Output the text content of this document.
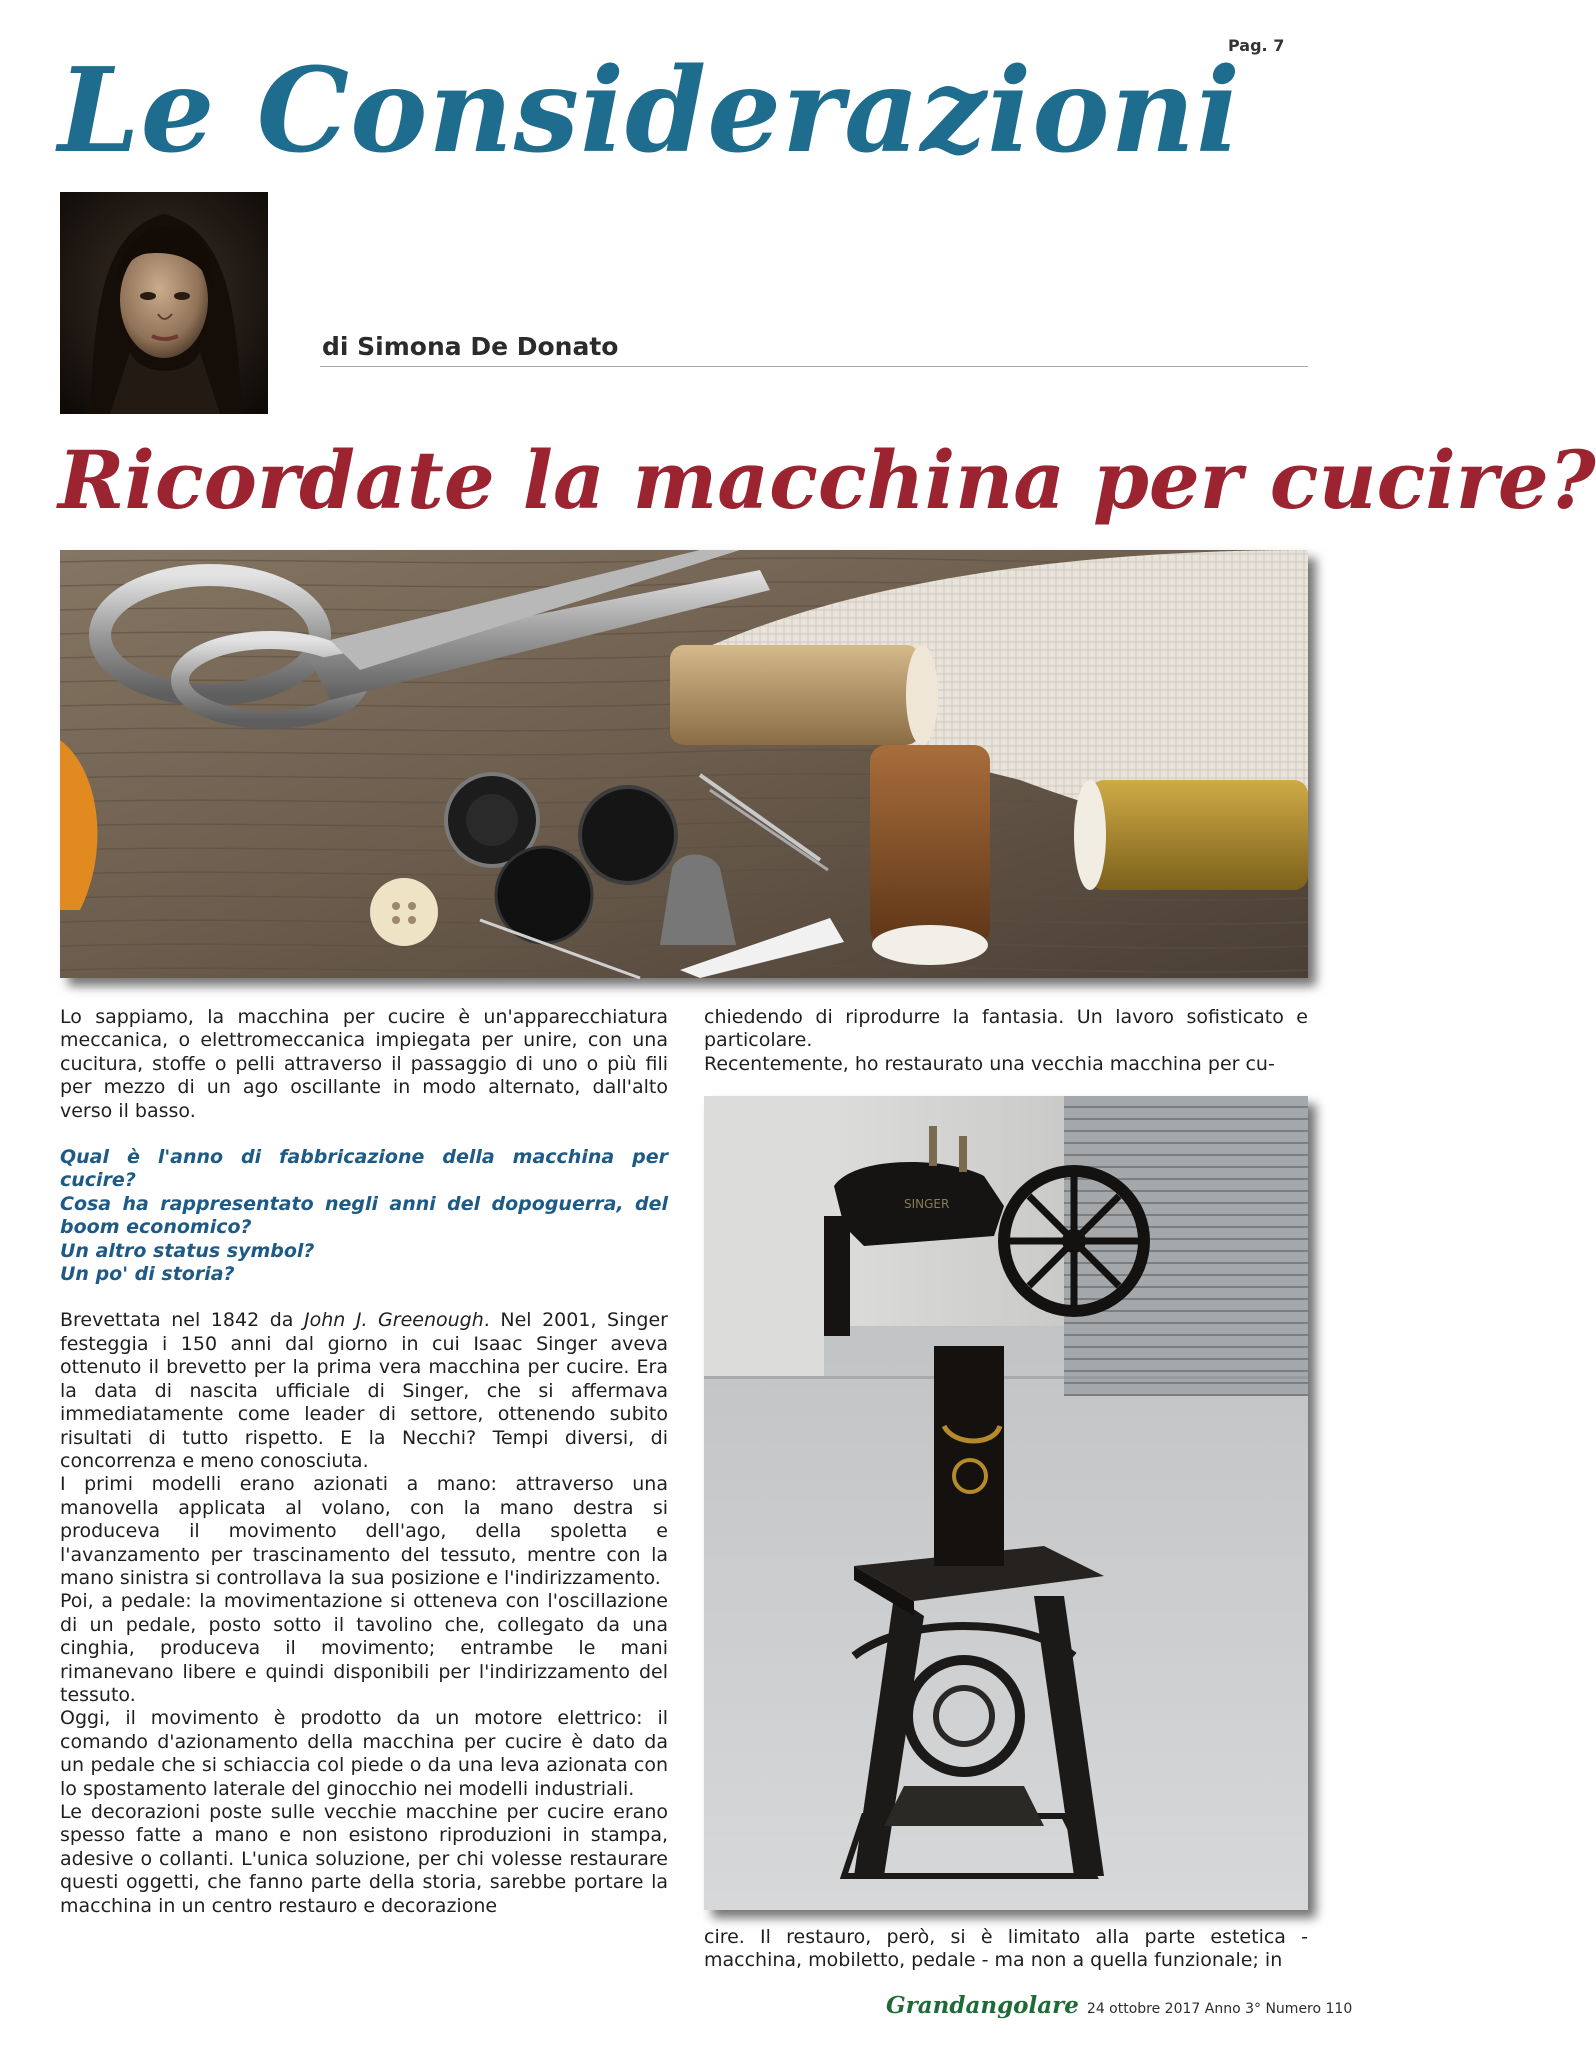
Pag. 7
Le Considerazioni
di Simona De Donato
Ricordate la macchina per cucire?

Lo sappiamo, la macchina per cucire è un'apparecchiatura meccanica, o elettromeccanica impiegata per unire, con una cucitura, stoffe o pelli attraverso il passaggio di uno o più fili per mezzo di un ago oscillante in modo alternato, dall'alto verso il basso.

Qual è l'anno di fabbricazione della macchina per cucire?

Cosa ha rappresentato negli anni del dopoguerra, del boom economico?

Un altro status symbol?

Un po' di storia?

Brevettata nel 1842 da John J. Greenough. Nel 2001, Singer festeggia i 150 anni dal giorno in cui Isaac Singer aveva ottenuto il brevetto per la prima vera macchina per cucire. Era la data di nascita ufficiale di Singer, che si affermava immediatamente come leader di settore, ottenendo subito risultati di tutto rispetto. E la Necchi? Tempi diversi, di concorrenza e meno conosciuta.

I primi modelli erano azionati a mano: attraverso una manovella applicata al volano, con la mano destra si produceva il movimento dell'ago, della spoletta e l'avanzamento per trascinamento del tessuto, mentre con la mano sinistra si controllava la sua posizione e l'indirizzamento.

Poi, a pedale: la movimentazione si otteneva con l'oscillazione di un pedale, posto sotto il tavolino che, collegato da una cinghia, produceva il movimento; entrambe le mani rimanevano libere e quindi disponibili per l'indirizzamento del tessuto.

Oggi, il movimento è prodotto da un motore elettrico: il comando d'azionamento della macchina per cucire è dato da un pedale che si schiaccia col piede o da una leva azionata con lo spostamento laterale del ginocchio nei modelli industriali.

Le decorazioni poste sulle vecchie macchine per cucire erano spesso fatte a mano e non esistono riproduzioni in stampa, adesive o collanti. L'unica soluzione, per chi volesse restaurare questi oggetti, che fanno parte della storia, sarebbe portare la macchina in un centro restauro e decorazione

chiedendo di riprodurre la fantasia. Un lavoro sofisticato e particolare.

Recentemente, ho restaurato una vecchia macchina per cu-

SINGER

cire. Il restauro, però, si è limitato alla parte estetica - macchina, mobiletto, pedale - ma non a quella funzionale; in

Grandangolare 24 ottobre 2017 Anno 3° Numero 110
